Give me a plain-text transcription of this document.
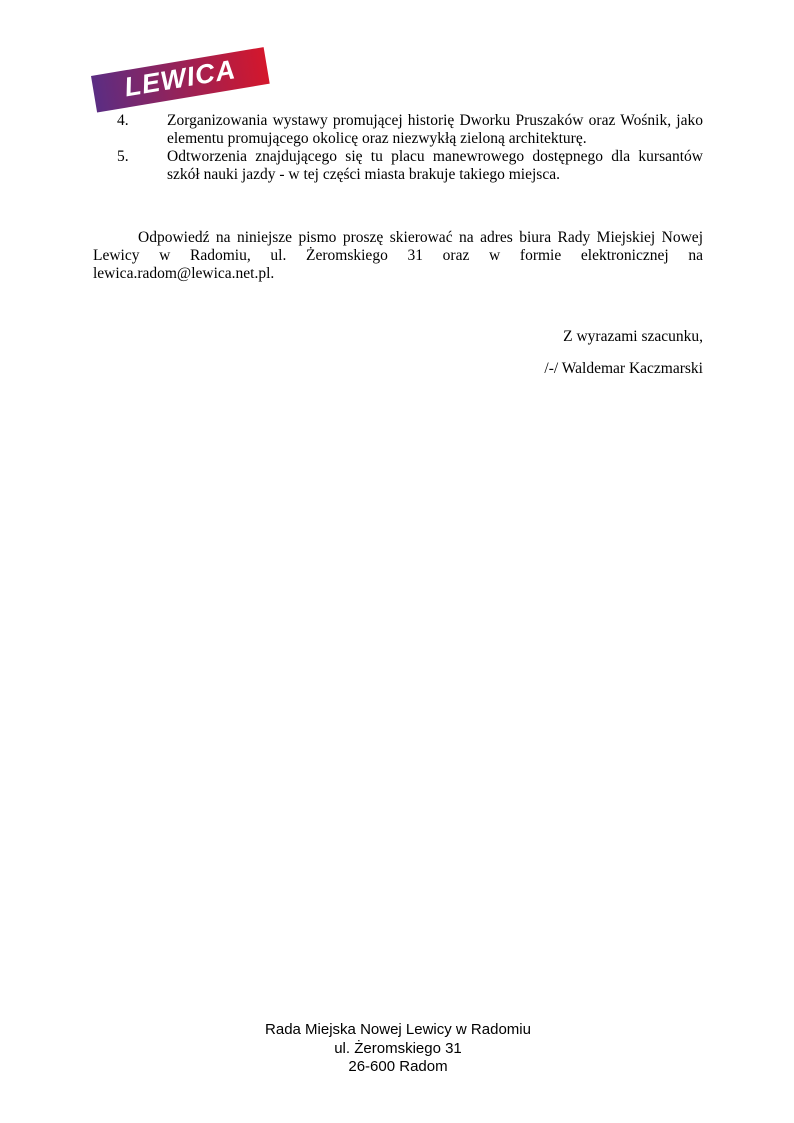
LEWICA
4.	Zorganizowania wystawy promującej historię Dworku Pruszaków oraz Wośnik, jako elementu promującego okolicę oraz niezwykłą zieloną architekturę.
5.	Odtworzenia znajdującego się tu placu manewrowego dostępnego dla kursantów szkół nauki jazdy - w tej części miasta brakuje takiego miejsca.

Odpowiedź na niniejsze pismo proszę skierować na adres biura Rady Miejskiej Nowej Lewicy w Radomiu, ul. Żeromskiego 31 oraz w formie elektronicznej na lewica.radom@lewica.net.pl.

Z wyrazami szacunku,
/-/ Waldemar Kaczmarski
Rada Miejska Nowej Lewicy w Radomiu
ul. Żeromskiego 31
26-600 Radom
